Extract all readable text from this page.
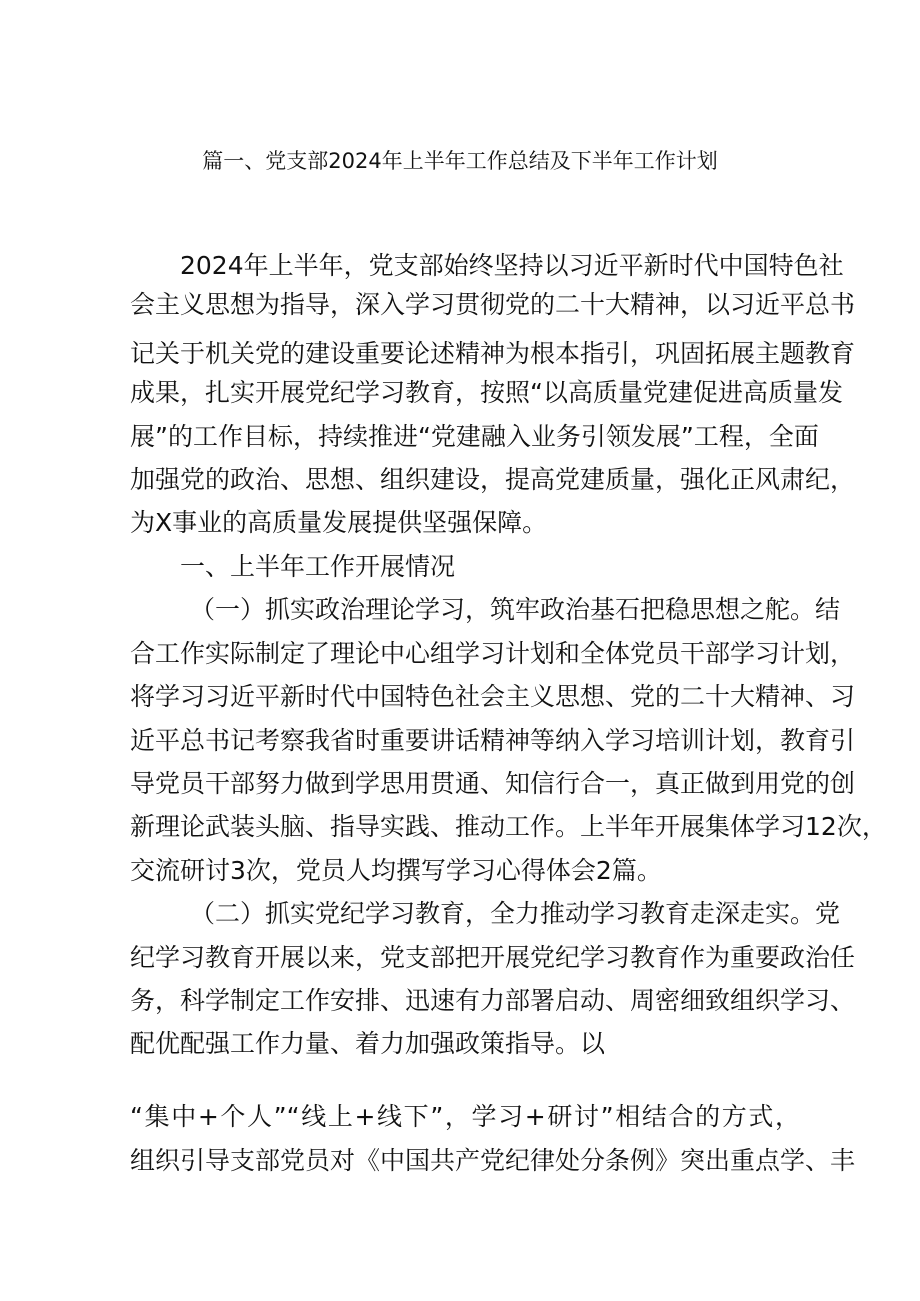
篇一、党支部2024年上半年工作总结及下半年工作计划
2024年上半年，党支部始终坚持以习近平新时代中国特色社
会主义思想为指导，深入学习贯彻党的二十大精神，以习近平总书
记关于机关党的建设重要论述精神为根本指引，巩固拓展主题教育
成果，扎实开展党纪学习教育，按照“以高质量党建促进高质量发
展”的工作目标，持续推进“党建融入业务引领发展”工程，全面
加强党的政治、思想、组织建设，提高党建质量，强化正风肃纪，
为X事业的高质量发展提供坚强保障。
一、上半年工作开展情况
（一）抓实政治理论学习，筑牢政治基石把稳思想之舵。结
合工作实际制定了理论中心组学习计划和全体党员干部学习计划，
将学习习近平新时代中国特色社会主义思想、党的二十大精神、习
近平总书记考察我省时重要讲话精神等纳入学习培训计划，教育引
导党员干部努力做到学思用贯通、知信行合一，真正做到用党的创
新理论武装头脑、指导实践、推动工作。上半年开展集体学习12次，
交流研讨3次，党员人均撰写学习心得体会2篇。
（二）抓实党纪学习教育，全力推动学习教育走深走实。党
纪学习教育开展以来，党支部把开展党纪学习教育作为重要政治任
务，科学制定工作安排、迅速有力部署启动、周密细致组织学习、
配优配强工作力量、着力加强政策指导。以
“集中+个人”“线上+线下”，学习+研讨”相结合的方式，
组织引导支部党员对《中国共产党纪律处分条例》突出重点学、丰
